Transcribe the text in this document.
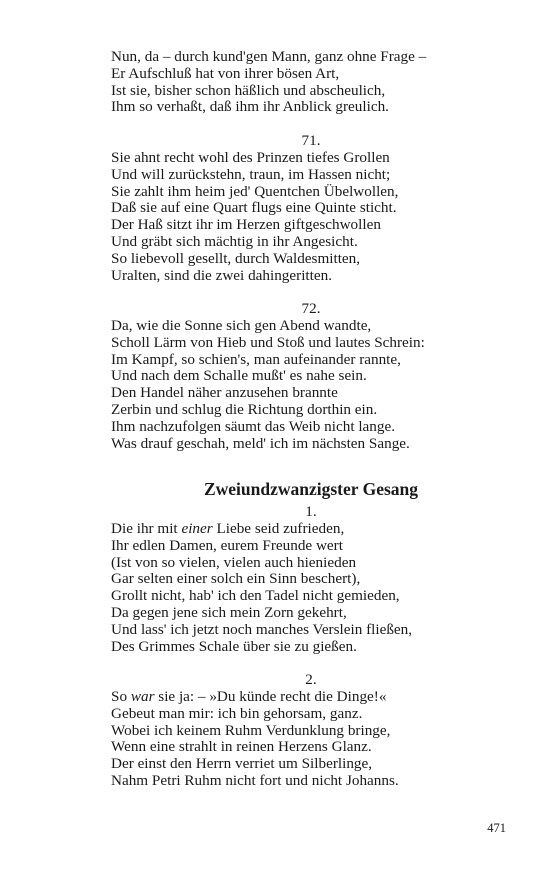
Nun, da – durch kund'gen Mann, ganz ohne Frage –
Er Aufschluß hat von ihrer bösen Art,
Ist sie, bisher schon häßlich und abscheulich,
Ihm so verhaßt, daß ihm ihr Anblick greulich.
71.
Sie ahnt recht wohl des Prinzen tiefes Grollen
Und will zurückstehn, traun, im Hassen nicht;
Sie zahlt ihm heim jed' Quentchen Übelwollen,
Daß sie auf eine Quart flugs eine Quinte sticht.
Der Haß sitzt ihr im Herzen giftgeschwollen
Und gräbt sich mächtig in ihr Angesicht.
So liebevoll gesellt, durch Waldesmitten,
Uralten, sind die zwei dahingeritten.
72.
Da, wie die Sonne sich gen Abend wandte,
Scholl Lärm von Hieb und Stoß und lautes Schrein:
Im Kampf, so schien's, man aufeinander rannte,
Und nach dem Schalle mußt' es nahe sein.
Den Handel näher anzusehen brannte
Zerbin und schlug die Richtung dorthin ein.
Ihm nachzufolgen säumt das Weib nicht lange.
Was drauf geschah, meld' ich im nächsten Sange.
Zweiundzwanzigster Gesang
1.
Die ihr mit einer Liebe seid zufrieden,
Ihr edlen Damen, eurem Freunde wert
(Ist von so vielen, vielen auch hienieden
Gar selten einer solch ein Sinn beschert),
Grollt nicht, hab' ich den Tadel nicht gemieden,
Da gegen jene sich mein Zorn gekehrt,
Und lass' ich jetzt noch manches Verslein fließen,
Des Grimmes Schale über sie zu gießen.
2.
So war sie ja: – »Du künde recht die Dinge!«
Gebeut man mir: ich bin gehorsam, ganz.
Wobei ich keinem Ruhm Verdunklung bringe,
Wenn eine strahlt in reinen Herzens Glanz.
Der einst den Herrn verriet um Silberlinge,
Nahm Petri Ruhm nicht fort und nicht Johanns.
471
